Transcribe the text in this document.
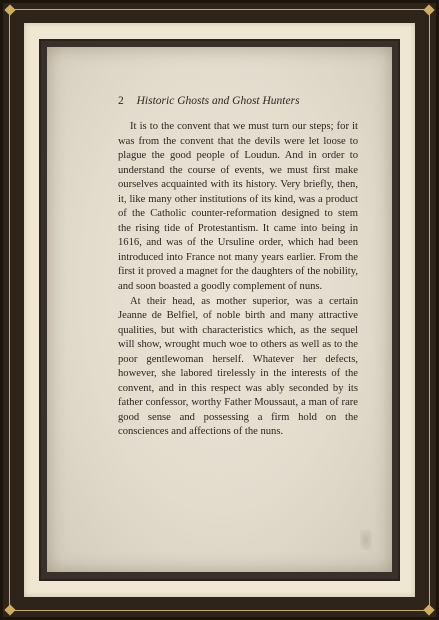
2 Historic Ghosts and Ghost Hunters

It is to the convent that we must turn our steps; for it was from the convent that the devils were let loose to plague the good people of Loudun. And in order to understand the course of events, we must first make ourselves acquainted with its history. Very briefly, then, it, like many other institutions of its kind, was a product of the Catholic counter-reformation designed to stem the rising tide of Protestantism. It came into being in 1616, and was of the Ursuline order, which had been introduced into France not many years earlier. From the first it proved a magnet for the daughters of the nobility, and soon boasted a goodly complement of nuns.

At their head, as mother superior, was a certain Jeanne de Belfiel, of noble birth and many attractive qualities, but with characteristics which, as the sequel will show, wrought much woe to others as well as to the poor gentlewoman herself. Whatever her defects, however, she labored tirelessly in the interests of the convent, and in this respect was ably seconded by its father confessor, worthy Father Moussaut, a man of rare good sense and possessing a firm hold on the consciences and affections of the nuns.
